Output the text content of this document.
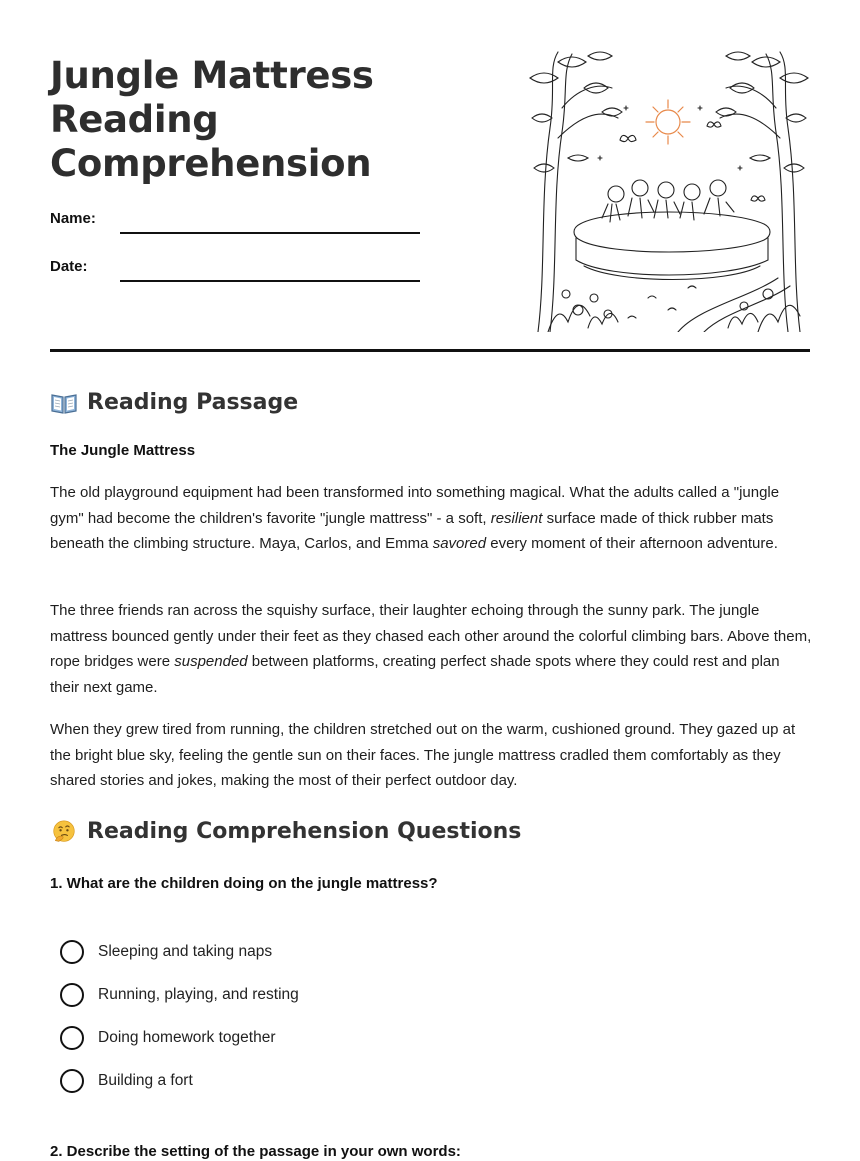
Jungle Mattress
Reading
Comprehension
Name:
Date:
Reading Passage
The Jungle Mattress

The old playground equipment had been transformed into something magical. What the adults called a "jungle gym" had become the children's favorite "jungle mattress" - a soft, resilient surface made of thick rubber mats beneath the climbing structure. Maya, Carlos, and Emma savored every moment of their afternoon adventure.

The three friends ran across the squishy surface, their laughter echoing through the sunny park. The jungle mattress bounced gently under their feet as they chased each other around the colorful climbing bars. Above them, rope bridges were suspended between platforms, creating perfect shade spots where they could rest and plan their next game.

When they grew tired from running, the children stretched out on the warm, cushioned ground. They gazed up at the bright blue sky, feeling the gentle sun on their faces. The jungle mattress cradled them comfortably as they shared stories and jokes, making the most of their perfect outdoor day.

Reading Comprehension Questions
1. What are the children doing on the jungle mattress?
Sleeping and taking naps
Running, playing, and resting
Doing homework together
Building a fort
2. Describe the setting of the passage in your own words:
